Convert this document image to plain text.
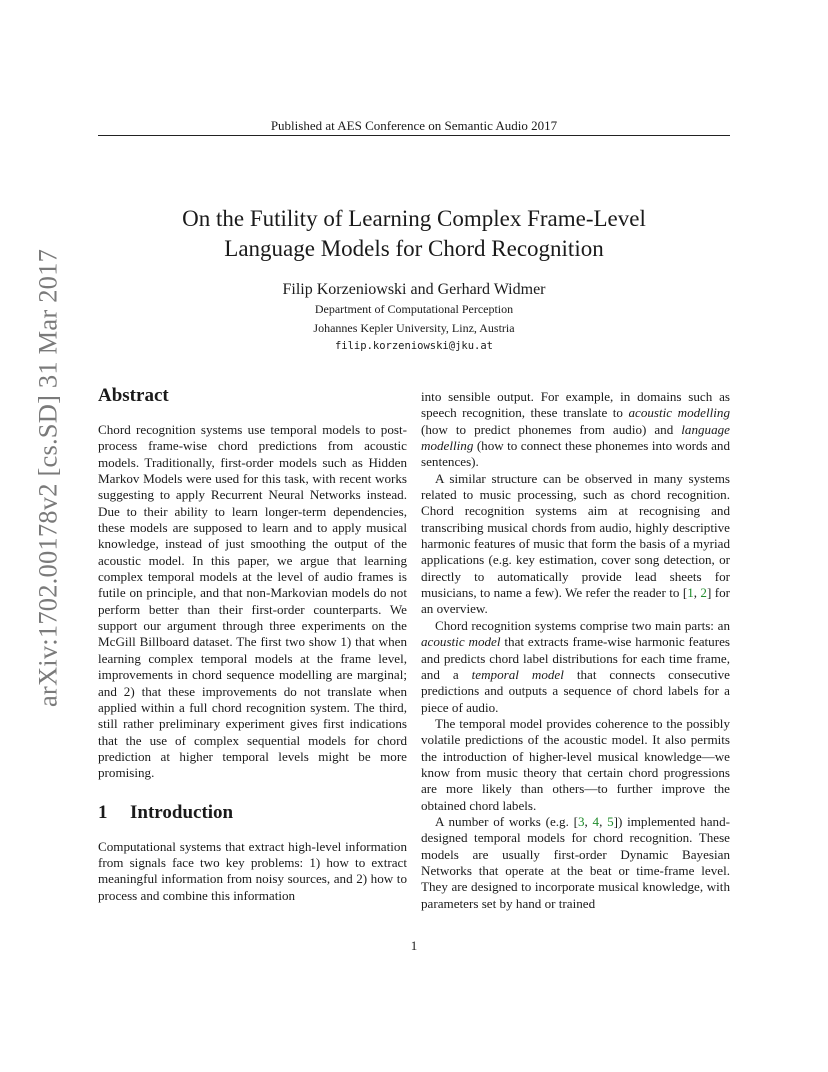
Published at AES Conference on Semantic Audio 2017
arXiv:1702.00178v2 [cs.SD] 31 Mar 2017
On the Futility of Learning Complex Frame-Level
Language Models for Chord Recognition
Filip Korzeniowski and Gerhard Widmer
Department of Computational Perception
Johannes Kepler University, Linz, Austria
filip.korzeniowski@jku.at
Abstract

Chord recognition systems use temporal models to post-process frame-wise chord predictions from acoustic models. Traditionally, first-order models such as Hidden Markov Models were used for this task, with recent works suggesting to apply Recurrent Neural Networks instead. Due to their ability to learn longer-term dependencies, these models are supposed to learn and to apply musical knowledge, instead of just smoothing the output of the acoustic model. In this paper, we argue that learning complex temporal models at the level of audio frames is futile on principle, and that non-Markovian models do not perform better than their first-order counterparts. We support our argument through three experiments on the McGill Billboard dataset. The first two show 1) that when learning complex temporal models at the frame level, improvements in chord sequence modelling are marginal; and 2) that these improvements do not translate when applied within a full chord recognition system. The third, still rather preliminary experiment gives first indications that the use of complex sequential models for chord prediction at higher temporal levels might be more promising.

1 Introduction

Computational systems that extract high-level information from signals face two key problems: 1) how to extract meaningful information from noisy sources, and 2) how to process and combine this information

into sensible output. For example, in domains such as speech recognition, these translate to acoustic modelling (how to predict phonemes from audio) and language modelling (how to connect these phonemes into words and sentences).

A similar structure can be observed in many systems related to music processing, such as chord recognition. Chord recognition systems aim at recognising and transcribing musical chords from audio, highly descriptive harmonic features of music that form the basis of a myriad applications (e.g. key estimation, cover song detection, or directly to automatically provide lead sheets for musicians, to name a few). We refer the reader to [1, 2] for an overview.

Chord recognition systems comprise two main parts: an acoustic model that extracts frame-wise harmonic features and predicts chord label distributions for each time frame, and a temporal model that connects consecutive predictions and outputs a sequence of chord labels for a piece of audio.

The temporal model provides coherence to the possibly volatile predictions of the acoustic model. It also permits the introduction of higher-level musical knowledge—we know from music theory that certain chord progressions are more likely than others—to further improve the obtained chord labels.

A number of works (e.g. [3, 4, 5]) implemented hand-designed temporal models for chord recognition. These models are usually first-order Dynamic Bayesian Networks that operate at the beat or time-frame level. They are designed to incorporate musical knowledge, with parameters set by hand or trained

1
